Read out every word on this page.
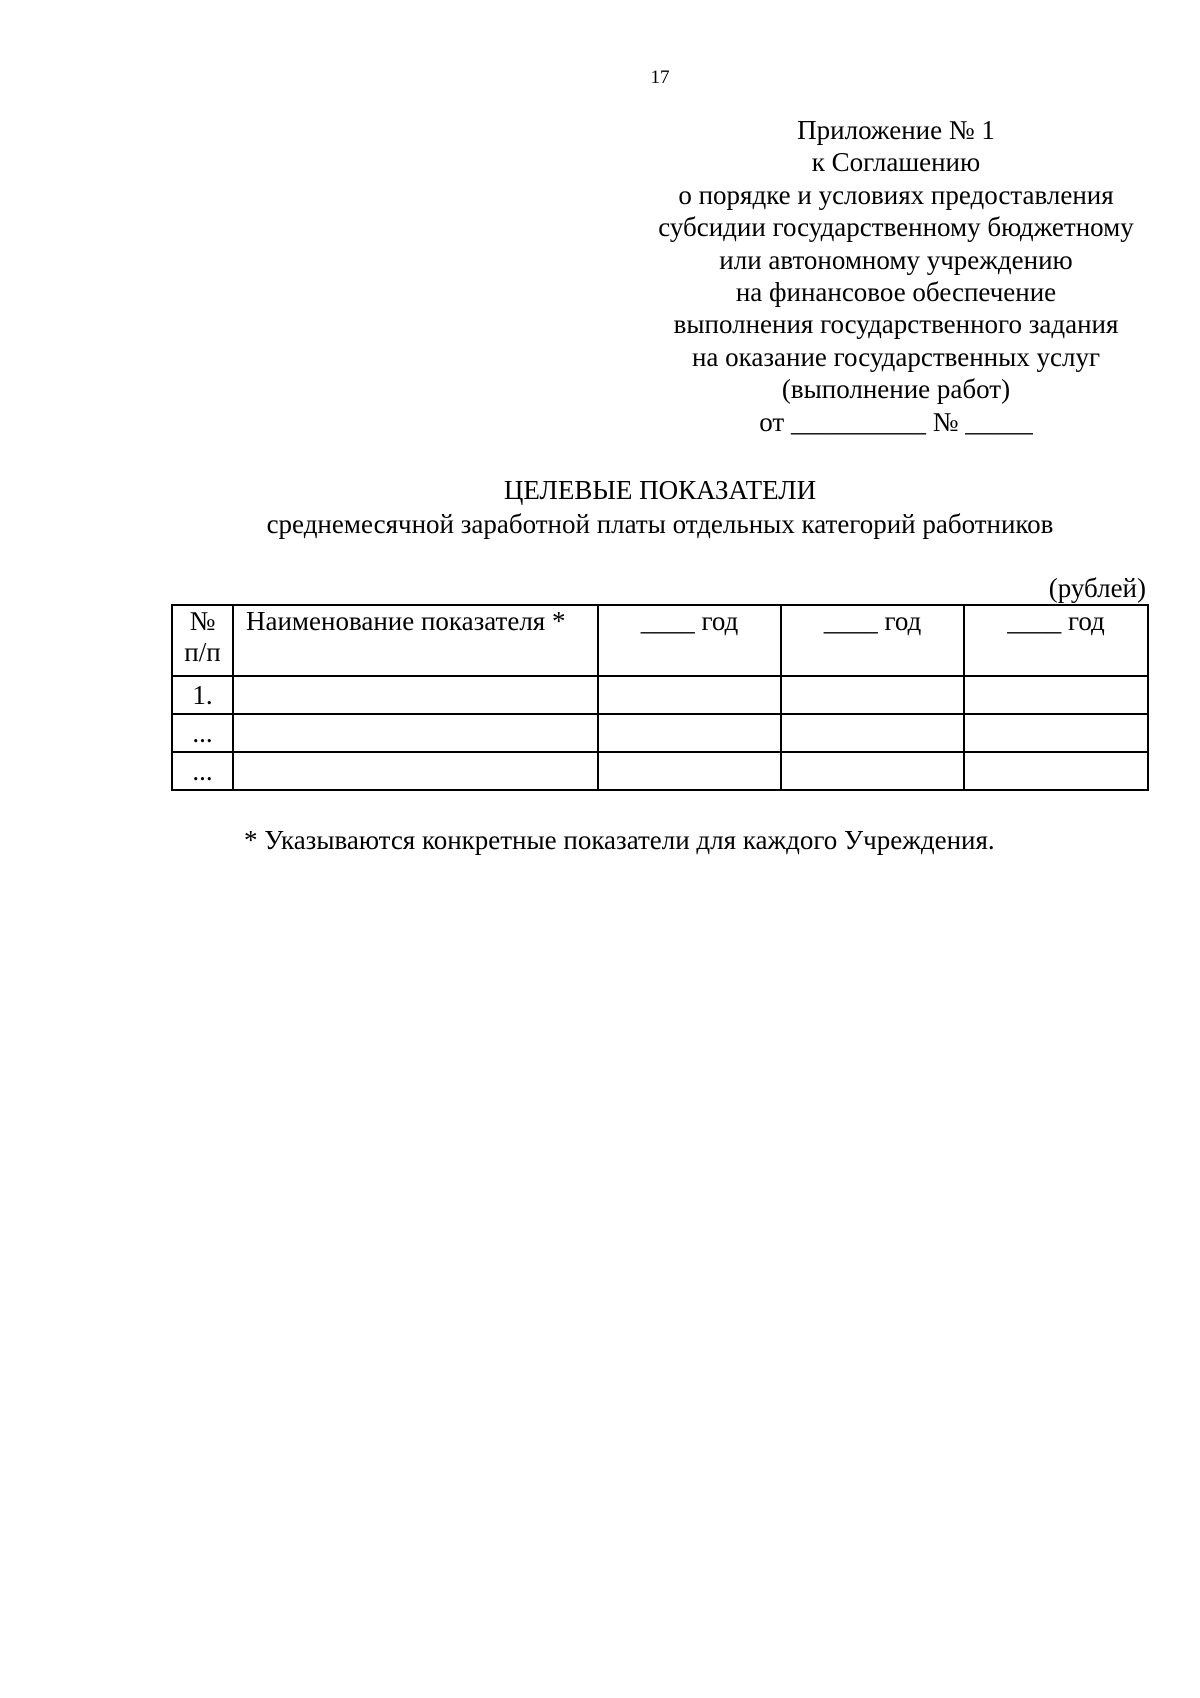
17
Приложение № 1
к Соглашению
о порядке и условиях предоставления
субсидии государственному бюджетному
или автономному учреждению
на финансовое обеспечение
выполнения государственного задания
на оказание государственных услуг
(выполнение работ)
от __________ № _____
ЦЕЛЕВЫЕ ПОКАЗАТЕЛИ
среднемесячной заработной платы отдельных категорий работников
(рублей)
№ п/п	Наименование показателя *	____ год	____ год	____ год
1.				
...				
...				
* Указываются конкретные показатели для каждого Учреждения.
